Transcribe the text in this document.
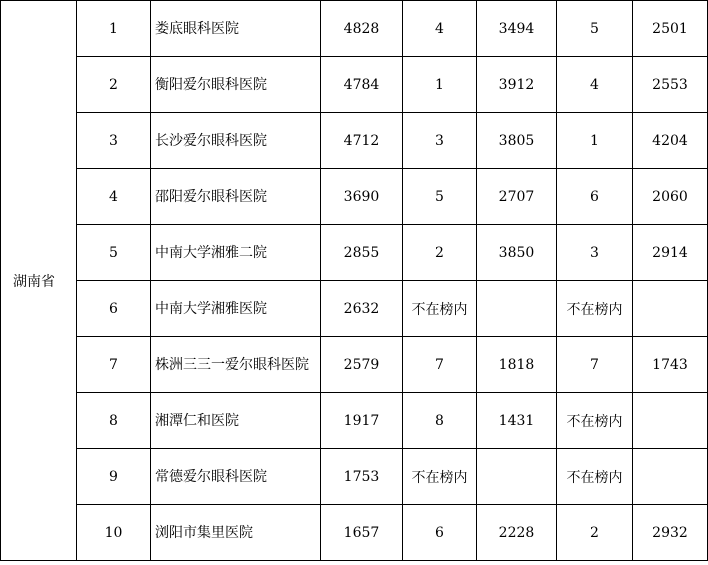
湖南省	1	娄底眼科医院	4828	4	3494	5	2501
	2	衡阳爱尔眼科医院	4784	1	3912	4	2553
	3	长沙爱尔眼科医院	4712	3	3805	1	4204
	4	邵阳爱尔眼科医院	3690	5	2707	6	2060
	5	中南大学湘雅二院	2855	2	3850	3	2914
	6	中南大学湘雅医院	2632	不在榜内		不在榜内	
	7	株洲三三一爱尔眼科医院	2579	7	1818	7	1743
	8	湘潭仁和医院	1917	8	1431	不在榜内	
	9	常德爱尔眼科医院	1753	不在榜内		不在榜内	
	10	浏阳市集里医院	1657	6	2228	2	2932
